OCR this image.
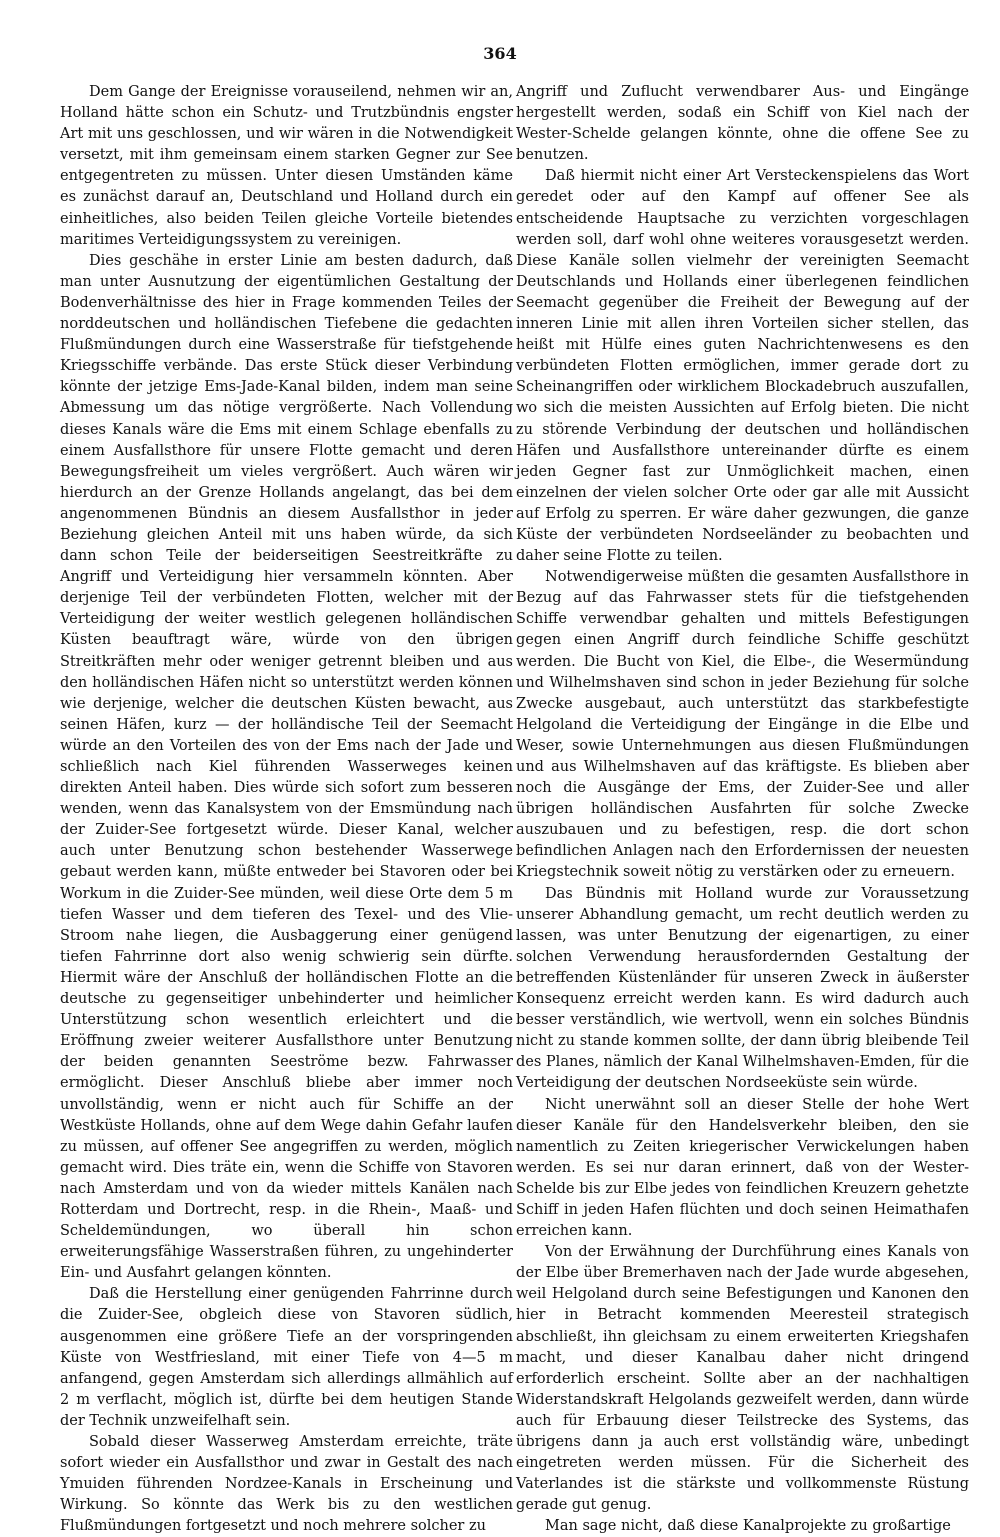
364

Dem Gange der Ereignisse vorauseilend, nehmen wir an, Holland hätte schon ein Schutz- und Trutzbündnis engster Art mit uns geschlossen, und wir wären in die Notwendigkeit versetzt, mit ihm gemeinsam einem starken Gegner zur See entgegentreten zu müssen. Unter diesen Umständen käme es zunächst darauf an, Deutschland und Holland durch ein einheitliches, also beiden Teilen gleiche Vorteile bietendes maritimes Verteidigungssystem zu vereinigen.

Dies geschähe in erster Linie am besten dadurch, daß man unter Ausnutzung der eigentümlichen Gestaltung der Bodenverhältnisse des hier in Frage kommenden Teiles der norddeutschen und holländischen Tiefebene die gedachten Flußmündungen durch eine Wasserstraße für tiefstgehende Kriegsschiffe verbände. Das erste Stück dieser Verbindung könnte der jetzige Ems-Jade-Kanal bilden, indem man seine Abmessung um das nötige vergrößerte. Nach Vollendung dieses Kanals wäre die Ems mit einem Schlage ebenfalls zu einem Ausfallsthore für unsere Flotte gemacht und deren Bewegungsfreiheit um vieles vergrößert. Auch wären wir hierdurch an der Grenze Hollands angelangt, das bei dem angenommenen Bündnis an diesem Ausfallsthor in jeder Beziehung gleichen Anteil mit uns haben würde, da sich dann schon Teile der beiderseitigen Seestreitkräfte zu Angriff und Verteidigung hier versammeln könnten. Aber derjenige Teil der verbündeten Flotten, welcher mit der Verteidigung der weiter westlich gelegenen holländischen Küsten beauftragt wäre, würde von den übrigen Streitkräften mehr oder weniger getrennt bleiben und aus den holländischen Häfen nicht so unterstützt werden können wie derjenige, welcher die deutschen Küsten bewacht, aus seinen Häfen, kurz — der holländische Teil der Seemacht würde an den Vorteilen des von der Ems nach der Jade und schließlich nach Kiel führenden Wasserweges keinen direkten Anteil haben. Dies würde sich sofort zum besseren wenden, wenn das Kanalsystem von der Emsmündung nach der Zuider-See fortgesetzt würde. Dieser Kanal, welcher auch unter Benutzung schon bestehender Wasserwege gebaut werden kann, müßte entweder bei Stavoren oder bei Workum in die Zuider-See münden, weil diese Orte dem 5 m tiefen Wasser und dem tieferen des Texel- und des Vlie-Stroom nahe liegen, die Ausbaggerung einer genügend tiefen Fahrrinne dort also wenig schwierig sein dürfte. Hiermit wäre der Anschluß der holländischen Flotte an die deutsche zu gegenseitiger unbehinderter und heimlicher Unterstützung schon wesentlich erleichtert und die Eröffnung zweier weiterer Ausfallsthore unter Benutzung der beiden genannten Seeströme bezw. Fahrwasser ermöglicht. Dieser Anschluß bliebe aber immer noch unvollständig, wenn er nicht auch für Schiffe an der Westküste Hollands, ohne auf dem Wege dahin Gefahr laufen zu müssen, auf offener See angegriffen zu werden, möglich gemacht wird. Dies träte ein, wenn die Schiffe von Stavoren nach Amsterdam und von da wieder mittels Kanälen nach Rotterdam und Dortrecht, resp. in die Rhein-, Maaß- und Scheldemündungen, wo überall hin schon erweiterungsfähige Wasserstraßen führen, zu ungehinderter Ein- und Ausfahrt gelangen könnten.

Daß die Herstellung einer genügenden Fahrrinne durch die Zuider-See, obgleich diese von Stavoren südlich, ausgenommen eine größere Tiefe an der vorspringenden Küste von Westfriesland, mit einer Tiefe von 4—5 m anfangend, gegen Amsterdam sich allerdings allmählich auf 2 m verflacht, möglich ist, dürfte bei dem heutigen Stande der Technik unzweifelhaft sein.

Sobald dieser Wasserweg Amsterdam erreichte, träte sofort wieder ein Ausfallsthor und zwar in Gestalt des nach Ymuiden führenden Nordzee-Kanals in Erscheinung und Wirkung. So könnte das Werk bis zu den westlichen Flußmündungen fortgesetzt und noch mehrere solcher zu

Angriff und Zuflucht verwendbarer Aus- und Eingänge hergestellt werden, sodaß ein Schiff von Kiel nach der Wester-Schelde gelangen könnte, ohne die offene See zu benutzen.

Daß hiermit nicht einer Art Versteckenspielens das Wort geredet oder auf den Kampf auf offener See als entscheidende Hauptsache zu verzichten vorgeschlagen werden soll, darf wohl ohne weiteres vorausgesetzt werden. Diese Kanäle sollen vielmehr der vereinigten Seemacht Deutschlands und Hollands einer überlegenen feindlichen Seemacht gegenüber die Freiheit der Bewegung auf der inneren Linie mit allen ihren Vorteilen sicher stellen, das heißt mit Hülfe eines guten Nachrichtenwesens es den verbündeten Flotten ermöglichen, immer gerade dort zu Scheinangriffen oder wirklichem Blockadebruch auszufallen, wo sich die meisten Aussichten auf Erfolg bieten. Die nicht zu störende Verbindung der deutschen und holländischen Häfen und Ausfallsthore untereinander dürfte es einem jeden Gegner fast zur Unmöglichkeit machen, einen einzelnen der vielen solcher Orte oder gar alle mit Aussicht auf Erfolg zu sperren. Er wäre daher gezwungen, die ganze Küste der verbündeten Nordseeländer zu beobachten und daher seine Flotte zu teilen.

Notwendigerweise müßten die gesamten Ausfallsthore in Bezug auf das Fahrwasser stets für die tiefstgehenden Schiffe verwendbar gehalten und mittels Befestigungen gegen einen Angriff durch feindliche Schiffe geschützt werden. Die Bucht von Kiel, die Elbe-, die Wesermündung und Wilhelmshaven sind schon in jeder Beziehung für solche Zwecke ausgebaut, auch unterstützt das starkbefestigte Helgoland die Verteidigung der Eingänge in die Elbe und Weser, sowie Unternehmungen aus diesen Flußmündungen und aus Wilhelmshaven auf das kräftigste. Es blieben aber noch die Ausgänge der Ems, der Zuider-See und aller übrigen holländischen Ausfahrten für solche Zwecke auszubauen und zu befestigen, resp. die dort schon befindlichen Anlagen nach den Erfordernissen der neuesten Kriegstechnik soweit nötig zu verstärken oder zu erneuern.

Das Bündnis mit Holland wurde zur Voraussetzung unserer Abhandlung gemacht, um recht deutlich werden zu lassen, was unter Benutzung der eigenartigen, zu einer solchen Verwendung herausfordernden Gestaltung der betreffenden Küstenländer für unseren Zweck in äußerster Konsequenz erreicht werden kann. Es wird dadurch auch besser verständlich, wie wertvoll, wenn ein solches Bündnis nicht zu stande kommen sollte, der dann übrig bleibende Teil des Planes, nämlich der Kanal Wilhelmshaven-Emden, für die Verteidigung der deutschen Nordseeküste sein würde.

Nicht unerwähnt soll an dieser Stelle der hohe Wert dieser Kanäle für den Handelsverkehr bleiben, den sie namentlich zu Zeiten kriegerischer Verwickelungen haben werden. Es sei nur daran erinnert, daß von der Wester-Schelde bis zur Elbe jedes von feindlichen Kreuzern gehetzte Schiff in jeden Hafen flüchten und doch seinen Heimathafen erreichen kann.

Von der Erwähnung der Durchführung eines Kanals von der Elbe über Bremerhaven nach der Jade wurde abgesehen, weil Helgoland durch seine Befestigungen und Kanonen den hier in Betracht kommenden Meeresteil strategisch abschließt, ihn gleichsam zu einem erweiterten Kriegshafen macht, und dieser Kanalbau daher nicht dringend erforderlich erscheint. Sollte aber an der nachhaltigen Widerstandskraft Helgolands gezweifelt werden, dann würde auch für Erbauung dieser Teilstrecke des Systems, das übrigens dann ja auch erst vollständig wäre, unbedingt eingetreten werden müssen. Für die Sicherheit des Vaterlandes ist die stärkste und vollkommenste Rüstung gerade gut genug.

Man sage nicht, daß diese Kanalprojekte zu großartige
